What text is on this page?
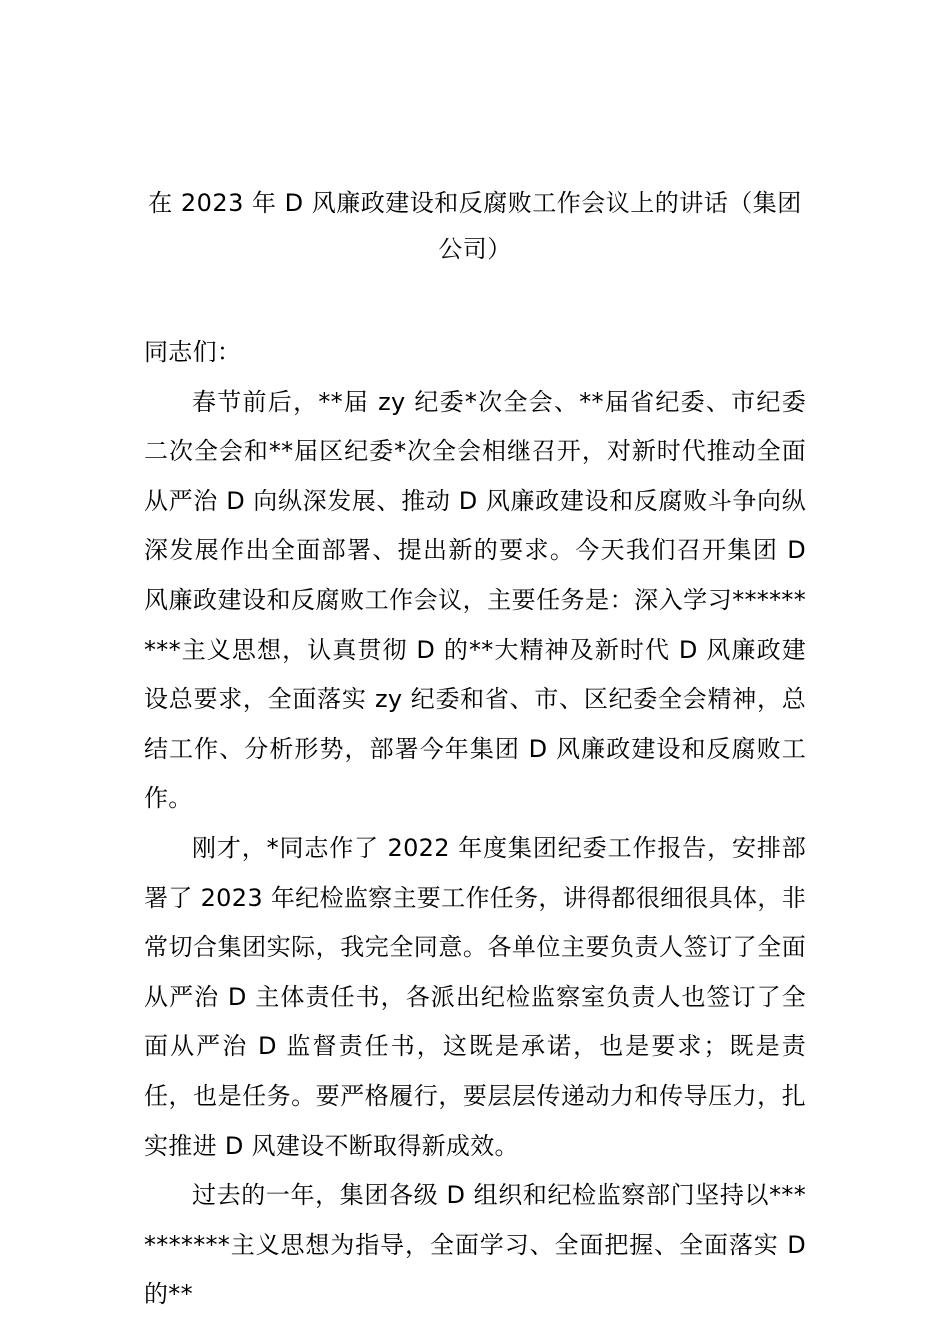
在 2023 年 D 风廉政建设和反腐败工作会议上的讲话（集团公司）

同志们：

春节前后，**届 zy 纪委*次全会、**届省纪委、市纪委二次全会和**届区纪委*次全会相继召开，对新时代推动全面从严治 D 向纵深发展、推动 D 风廉政建设和反腐败斗争向纵深发展作出全面部署、提出新的要求。今天我们召开集团 D 风廉政建设和反腐败工作会议，主要任务是：深入学习*********主义思想，认真贯彻 D 的**大精神及新时代 D 风廉政建设总要求，全面落实 zy 纪委和省、市、区纪委全会精神，总结工作、分析形势，部署今年集团 D 风廉政建设和反腐败工作。

刚才，*同志作了 2022 年度集团纪委工作报告，安排部署了 2023 年纪检监察主要工作任务，讲得都很细很具体，非常切合集团实际，我完全同意。各单位主要负责人签订了全面从严治 D 主体责任书，各派出纪检监察室负责人也签订了全面从严治 D 监督责任书，这既是承诺，也是要求；既是责任，也是任务。要严格履行，要层层传递动力和传导压力，扎实推进 D 风建设不断取得新成效。

过去的一年，集团各级 D 组织和纪检监察部门坚持以**********主义思想为指导，全面学习、全面把握、全面落实 D 的**
